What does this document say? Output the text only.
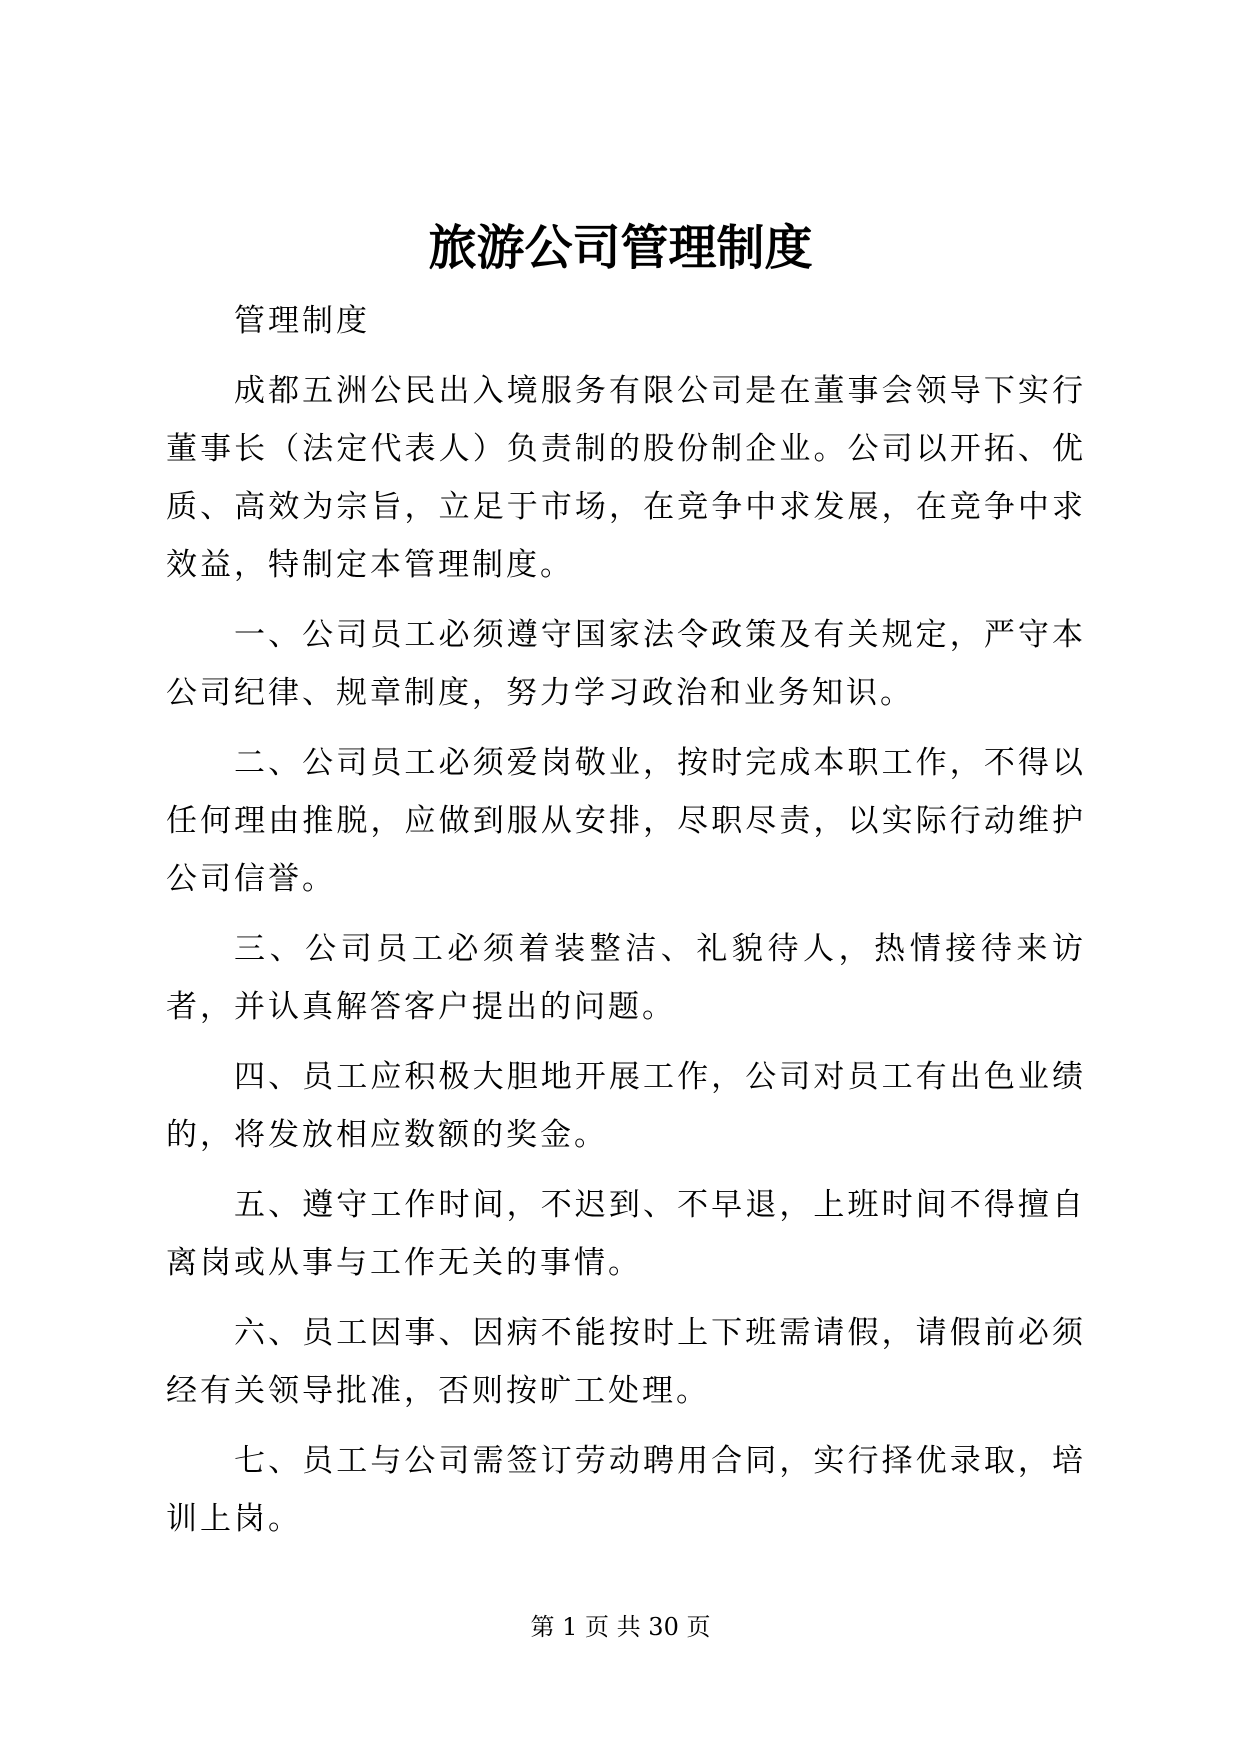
旅游公司管理制度

管理制度

成都五洲公民出入境服务有限公司是在董事会领导下实行董事长（法定代表人）负责制的股份制企业。公司以开拓、优质、高效为宗旨，立足于市场，在竞争中求发展，在竞争中求效益，特制定本管理制度。

一、公司员工必须遵守国家法令政策及有关规定，严守本公司纪律、规章制度，努力学习政治和业务知识。

二、公司员工必须爱岗敬业，按时完成本职工作，不得以任何理由推脱，应做到服从安排，尽职尽责，以实际行动维护公司信誉。

三、公司员工必须着装整洁、礼貌待人，热情接待来访者，并认真解答客户提出的问题。

四、员工应积极大胆地开展工作，公司对员工有出色业绩的，将发放相应数额的奖金。

五、遵守工作时间，不迟到、不早退，上班时间不得擅自离岗或从事与工作无关的事情。

六、员工因事、因病不能按时上下班需请假，请假前必须经有关领导批准，否则按旷工处理。

七、员工与公司需签订劳动聘用合同，实行择优录取，培训上岗。

第 1 页 共 30 页
